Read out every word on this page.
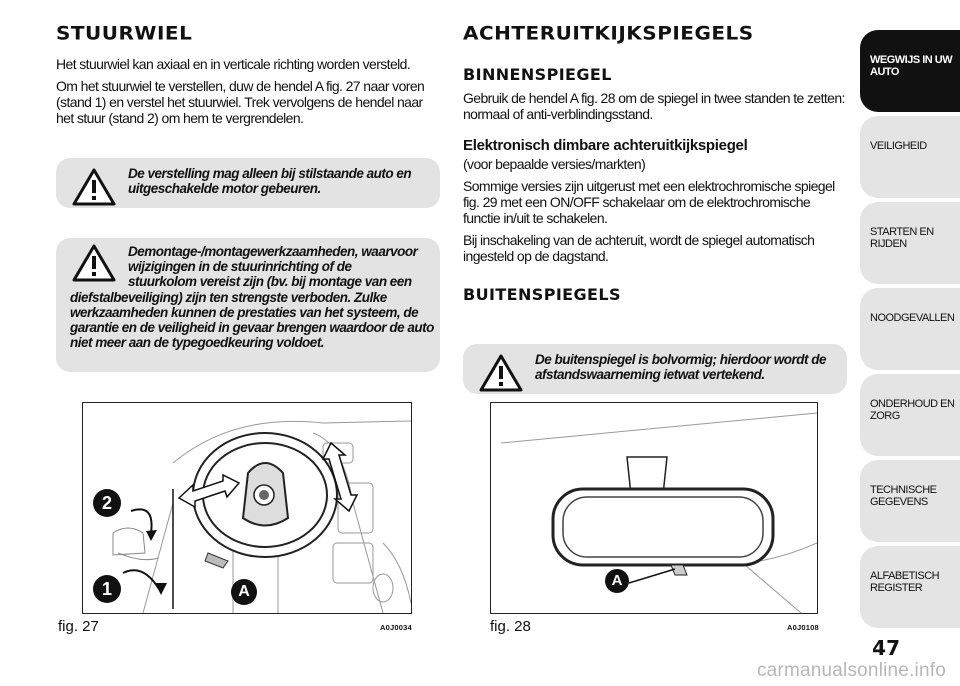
STUURWIEL

Het stuurwiel kan axiaal en in verticale richting worden versteld.

Om het stuurwiel te verstellen, duw de hendel A fig. 27 naar voren (stand 1) en verstel het stuurwiel. Trek vervolgens de hendel naar het stuur (stand 2) om hem te vergrendelen.

De verstelling mag alleen bij stilstaande auto en uitgeschakelde motor gebeuren.
Demontage-/montagewerkzaamheden, waarvoor wijzigingen in de stuurinrichting of de stuurkolom vereist zijn (bv. bij montage van een
diefstalbeveiliging) zijn ten strengste verboden. Zulke werkzaamheden kunnen de prestaties van het systeem, de garantie en de veiligheid in gevaar brengen waardoor de auto niet meer aan de typegoedkeuring voldoet.
2
1	A
fig. 27	A0J0034
ACHTERUITKIJKSPIEGELS
BINNENSPIEGEL

Gebruik de hendel A fig. 28 om de spiegel in twee standen te zetten: normaal of anti-verblindingsstand.

Elektronisch dimbare achteruitkijkspiegel

(voor bepaalde versies/markten)

Sommige versies zijn uitgerust met een elektrochromische spiegel fig. 29 met een ON/OFF schakelaar om de elektrochromische functie in/uit te schakelen.

Bij inschakeling van de achteruit, wordt de spiegel automatisch ingesteld op de dagstand.

BUITENSPIEGELS
De buitenspiegel is bolvormig; hierdoor wordt de afstandswaarneming ietwat vertekend.
A
fig. 28	A0J0108
WEGWIJS IN UW AUTO
VEILIGHEID
STARTEN EN RIJDEN
NOODGEVALLEN
ONDERHOUD EN ZORG
TECHNISCHE GEGEVENS
ALFABETISCH REGISTER
47
carmanualsonline.info
